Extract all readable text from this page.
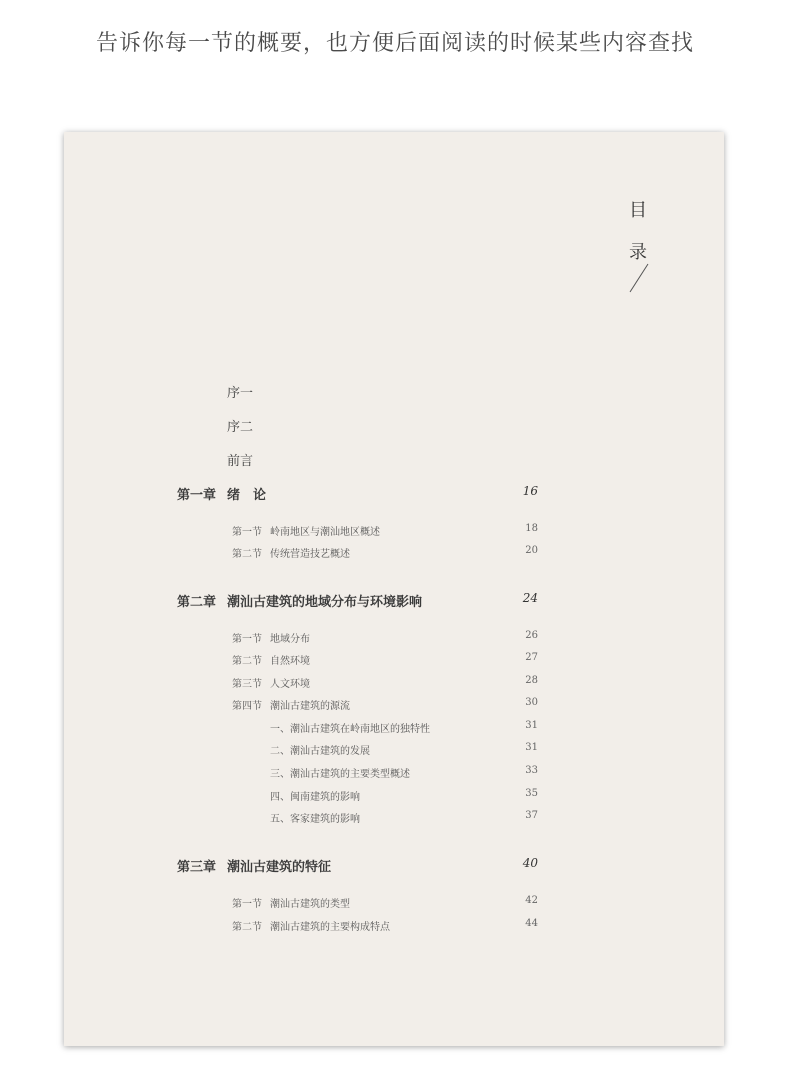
告诉你每一节的概要，也方便后面阅读的时候某些内容查找
目
录
序一
序二
前言
第一章 绪　论	16
第一节 岭南地区与潮汕地区概述	18
第二节 传统营造技艺概述	20
第二章 潮汕古建筑的地域分布与环境影响	24
第一节 地域分布	26
第二节 自然环境	27
第三节 人文环境	28
第四节 潮汕古建筑的源流	30
一、潮汕古建筑在岭南地区的独特性	31
二、潮汕古建筑的发展	31
三、潮汕古建筑的主要类型概述	33
四、闽南建筑的影响	35
五、客家建筑的影响	37
第三章 潮汕古建筑的特征	40
第一节 潮汕古建筑的类型	42
第二节 潮汕古建筑的主要构成特点	44
